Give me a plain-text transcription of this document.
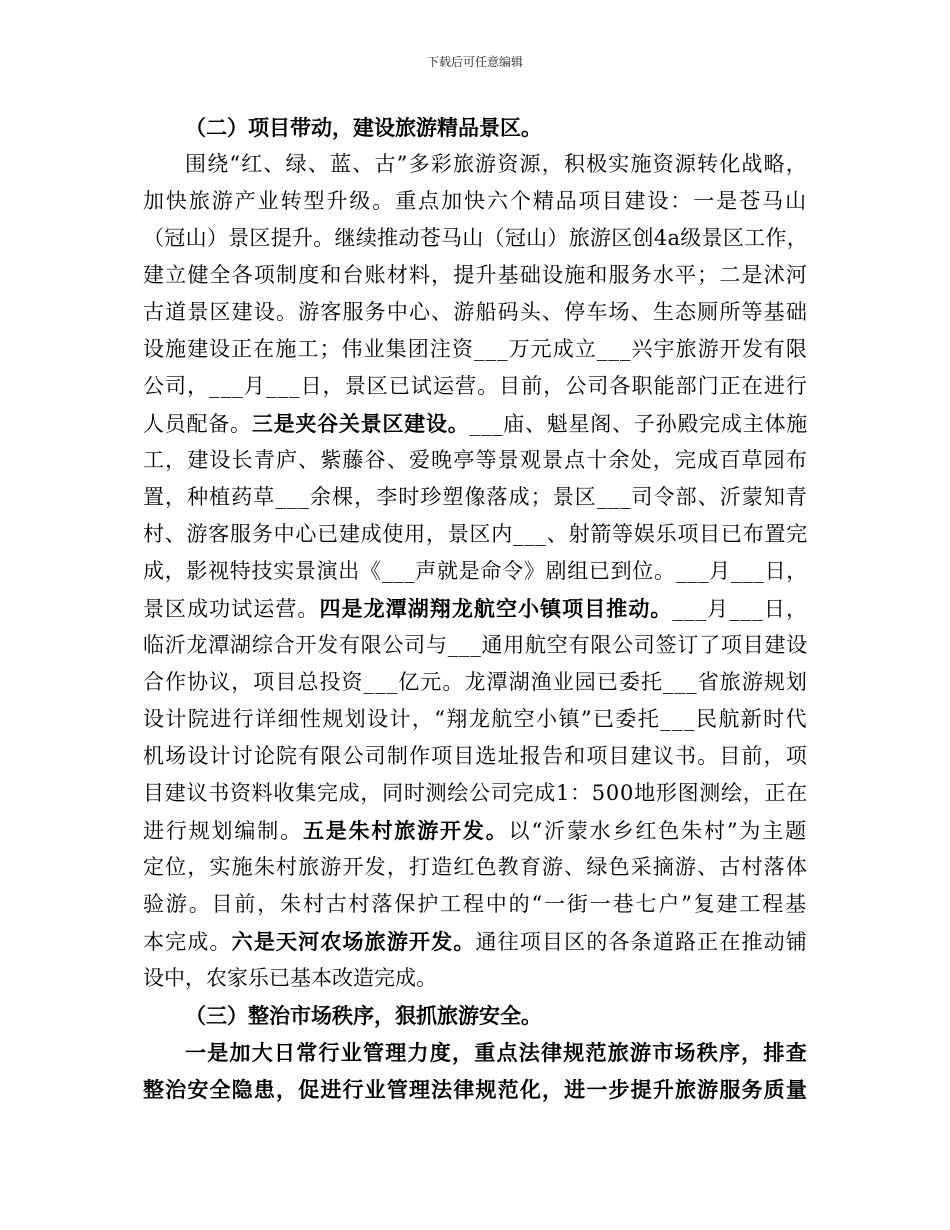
下载后可任意编辑
（二）项目带动，建设旅游精品景区。
围绕“红、绿、蓝、古”多彩旅游资源，积极实施资源转化战略，
加快旅游产业转型升级。重点加快六个精品项目建设：一是苍马山
（冠山）景区提升。继续推动苍马山（冠山）旅游区创4a级景区工作，
建立健全各项制度和台账材料，提升基础设施和服务水平；二是沭河
古道景区建设。游客服务中心、游船码头、停车场、生态厕所等基础
设施建设正在施工；伟业集团注资___万元成立___兴宇旅游开发有限
公司，___月___日，景区已试运营。目前，公司各职能部门正在进行
人员配备。三是夹谷关景区建设。___庙、魁星阁、子孙殿完成主体施
工，建设长青庐、紫藤谷、爱晚亭等景观景点十余处，完成百草园布
置，种植药草___余棵，李时珍塑像落成；景区___司令部、沂蒙知青
村、游客服务中心已建成使用，景区内___、射箭等娱乐项目已布置完
成，影视特技实景演出《___声就是命令》剧组已到位。___月___日，
景区成功试运营。四是龙潭湖翔龙航空小镇项目推动。___月___日，
临沂龙潭湖综合开发有限公司与___通用航空有限公司签订了项目建设
合作协议，项目总投资___亿元。龙潭湖渔业园已委托___省旅游规划
设计院进行详细性规划设计，“翔龙航空小镇”已委托___民航新时代
机场设计讨论院有限公司制作项目选址报告和项目建议书。目前，项
目建议书资料收集完成，同时测绘公司完成1：500地形图测绘，正在
进行规划编制。五是朱村旅游开发。以“沂蒙水乡红色朱村”为主题
定位，实施朱村旅游开发，打造红色教育游、绿色采摘游、古村落体
验游。目前，朱村古村落保护工程中的“一街一巷七户”复建工程基
本完成。六是天河农场旅游开发。通往项目区的各条道路正在推动铺
设中，农家乐已基本改造完成。
（三）整治市场秩序，狠抓旅游安全。
一是加大日常行业管理力度，重点法律规范旅游市场秩序，排查
整治安全隐患，促进行业管理法律规范化，进一步提升旅游服务质量
